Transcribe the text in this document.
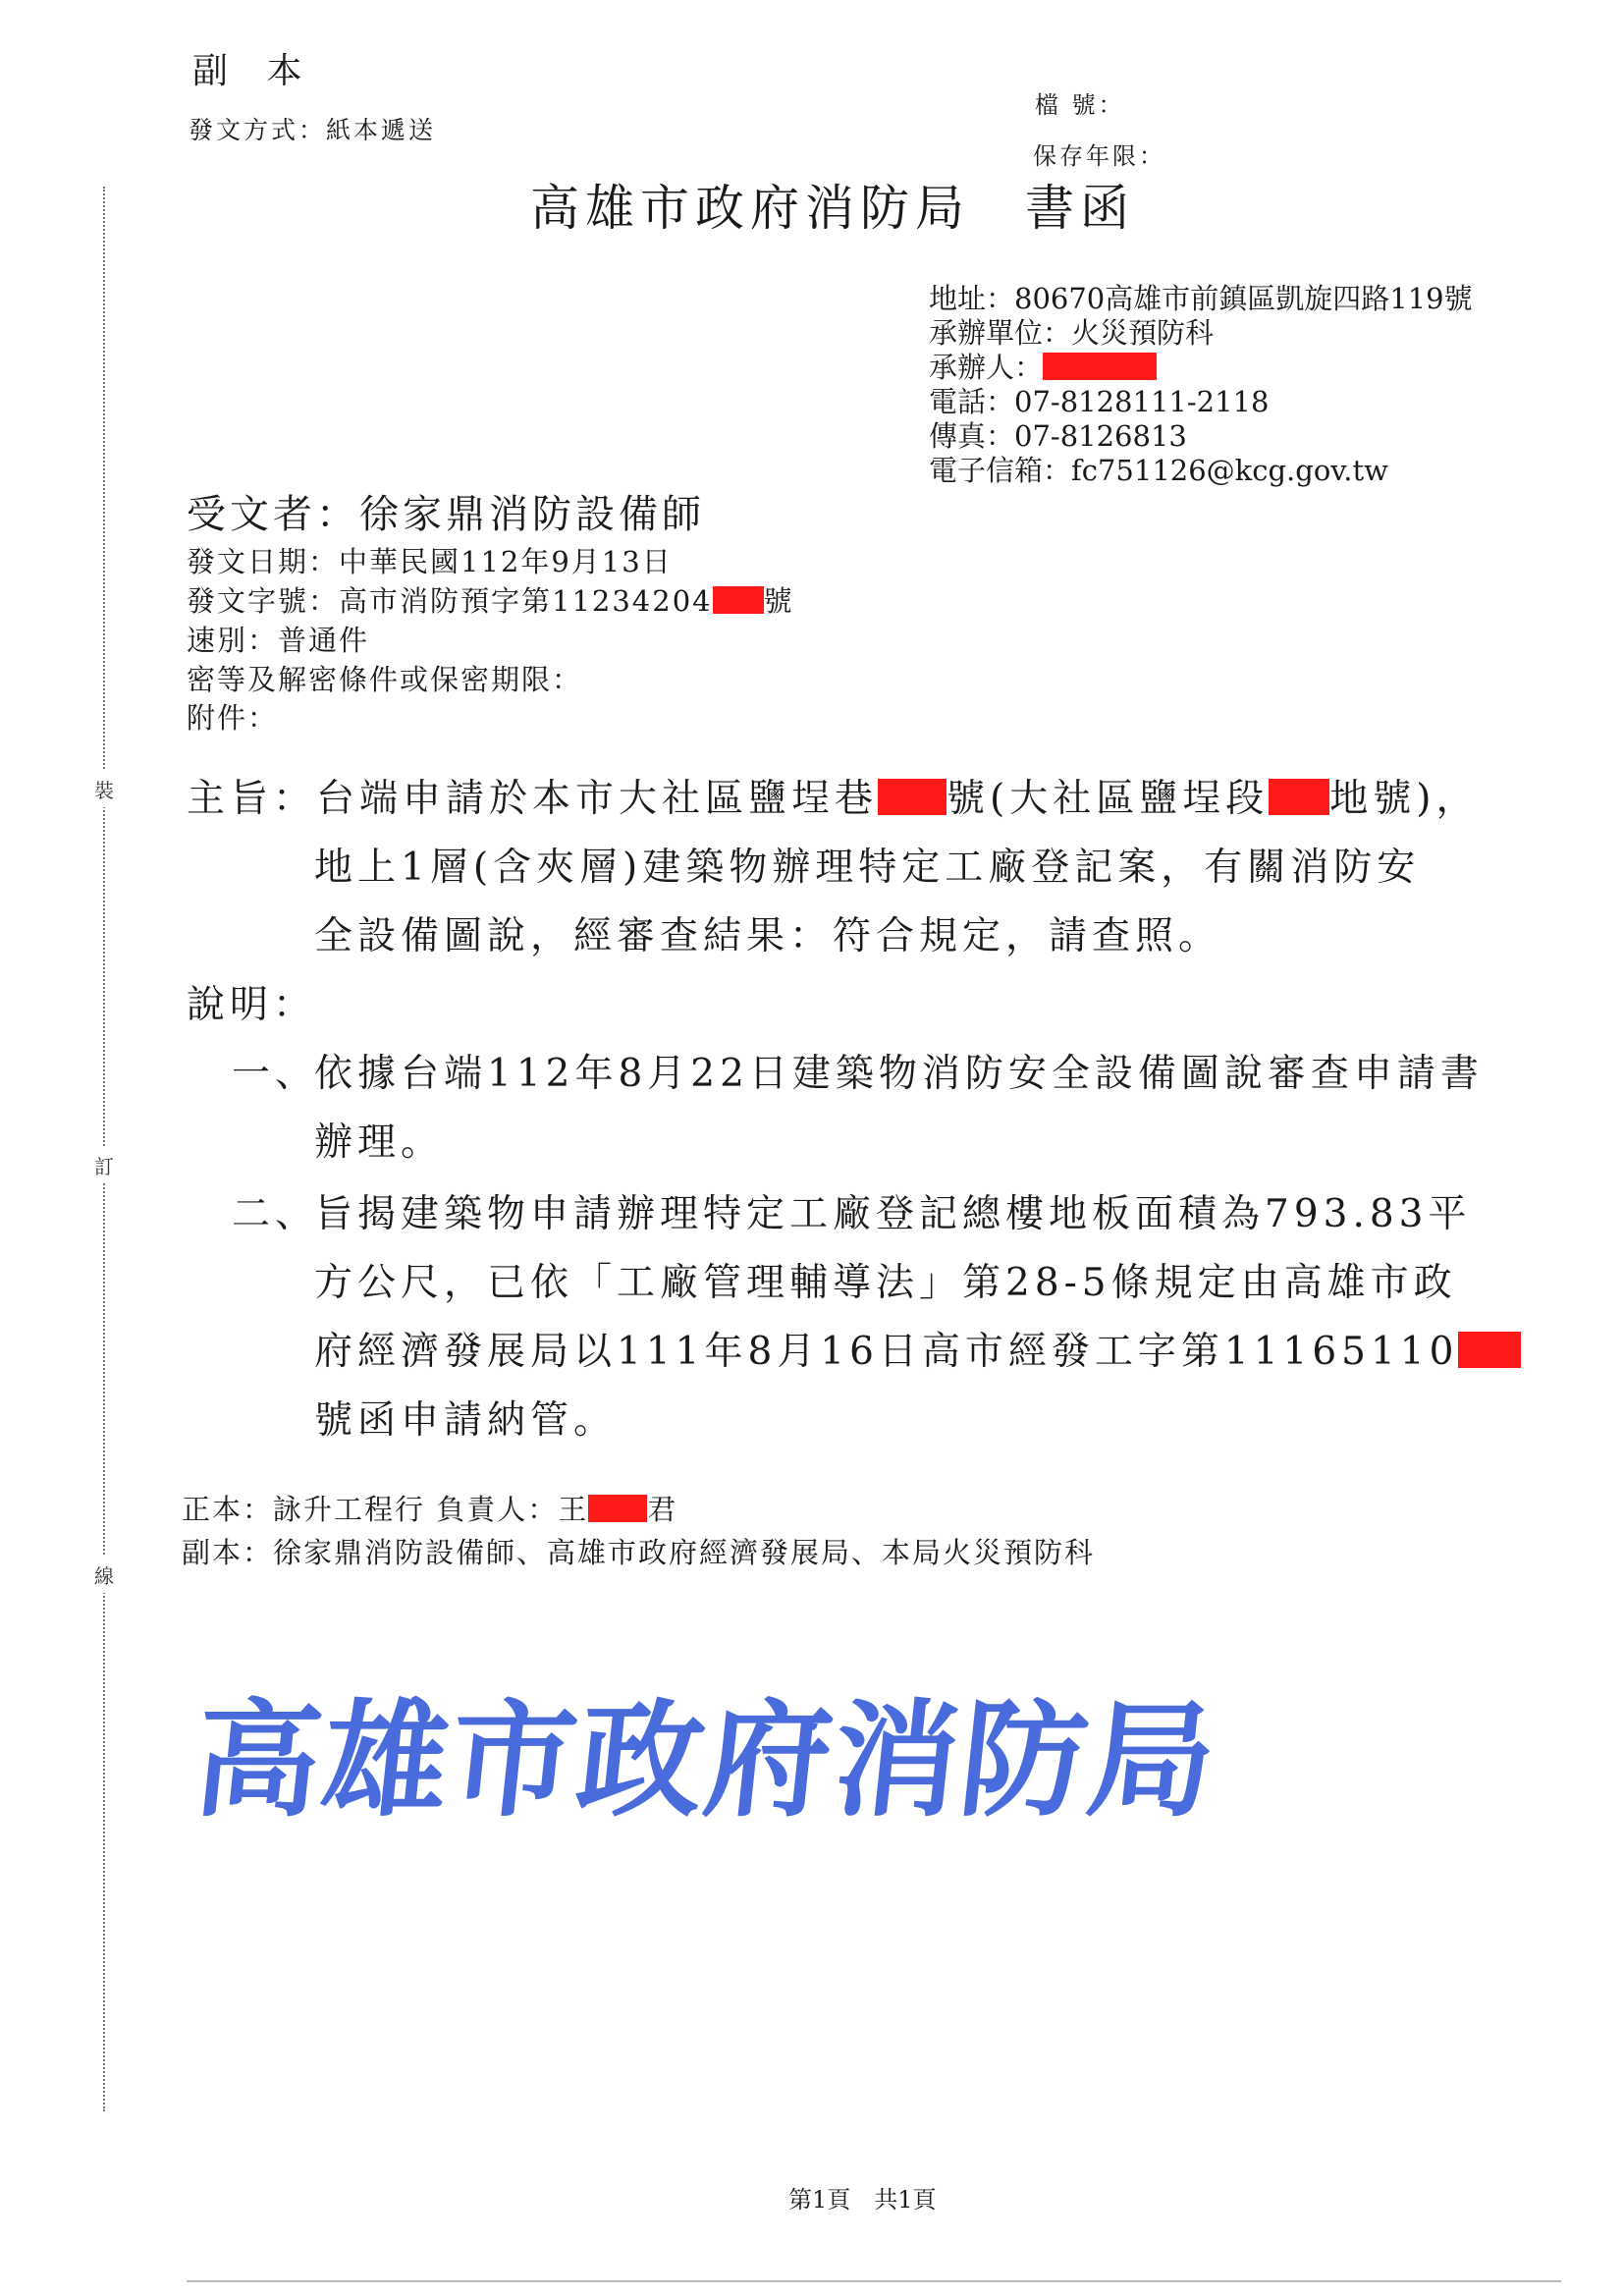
裝
訂
線
副 本
發文方式：紙本遞送
檔 號：
保存年限：
高雄市政府消防局　書函
地址：80670高雄市前鎮區凱旋四路119號
承辦單位：火災預防科
承辦人：
電話：07-8128111-2118
傳真：07-8126813
電子信箱：fc751126@kcg.gov.tw
受文者：徐家鼎消防設備師
發文日期：中華民國112年9月13日
發文字號：高市消防預字第11234204 號
速別：普通件
密等及解密條件或保密期限：
附件：
主旨：台端申請於本市大社區鹽埕巷 號(大社區鹽埕段 地號)，
地上1層(含夾層)建築物辦理特定工廠登記案，有關消防安
全設備圖說，經審查結果：符合規定，請查照。
說明：
一、
依據台端112年8月22日建築物消防安全設備圖說審查申請書
辦理。
二、
旨揭建築物申請辦理特定工廠登記總樓地板面積為793.83平
方公尺，已依「工廠管理輔導法」第28-5條規定由高雄市政
府經濟發展局以111年8月16日高市經發工字第11165110
號函申請納管。
正本：詠升工程行 負責人：王 君
副本：徐家鼎消防設備師、高雄市政府經濟發展局、本局火災預防科
高雄市政府消防局
第1頁　共1頁
